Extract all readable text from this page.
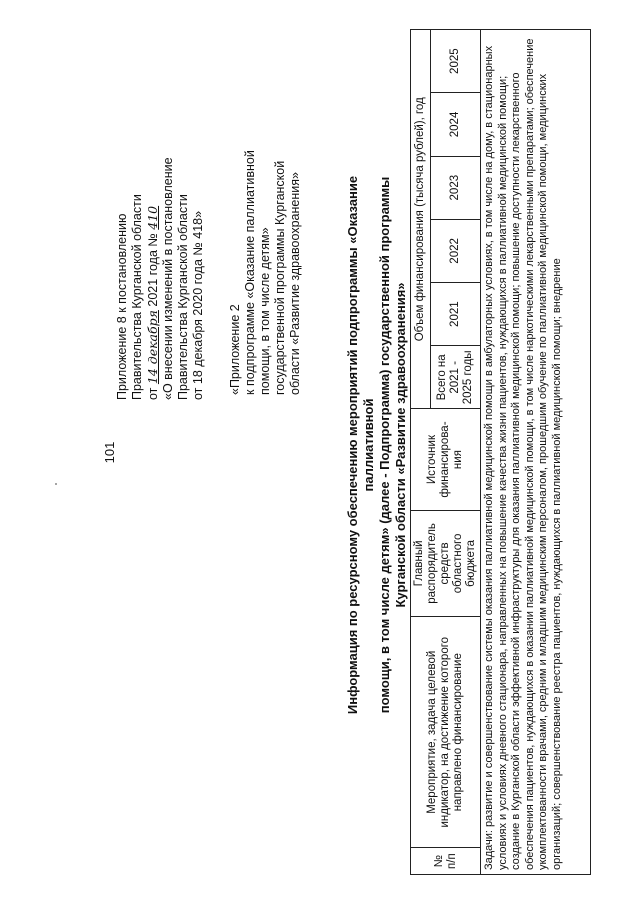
101
Приложение 8 к постановлению Правительства Курганской области от 14 декабря 2021 года № 410 «О внесении изменений в постановление Правительства Курганской области от 18 декабря 2020 года № 418» «Приложение 2 к подпрограмме «Оказание паллиативной помощи, в том числе детям» государственной программы Курганской области «Развитие здравоохранения»	Информация по ресурсному обеспечению мероприятий подпрограммы «Оказание паллиативной помощи, в том числе детям» (далее - Подпрограмма) государственной программы Курганской области «Развитие здравоохранения»
№ п/п	Мероприятие, задача целевой индикатор, на достижение которого направлено финансирование	Главный распорядитель средств областного бюджета	Источник финансирова-ния	Объем финансирования (тысяча рублей), год					
				Всего на 2021 - 2025 годы	2021	2022	2023	2024	2025
Задачи: развитие и совершенствование системы оказания паллиативной медицинской помощи в амбулаторных условиях, в том числе на дому, в стационарных условиях и условиях дневного стационара, направленных на повышение качества жизни пациентов, нуждающихся в паллиативной медицинской помощи; создание в Курганской области эффективной инфраструктуры для оказания паллиативной медицинской помощи; повышение доступности лекарственного обеспечения пациентов, нуждающихся в оказании паллиативной медицинской помощи, в том числе наркотическими лекарственными препаратами; обеспечение укомплектованности врачами, средним и младшим медицинским персоналом, прошедшим обучение по паллиативной медицинской помощи, медицинских организаций; совершенствование реестра пациентов, нуждающихся в паллиативной медицинской помощи; внедрение									
